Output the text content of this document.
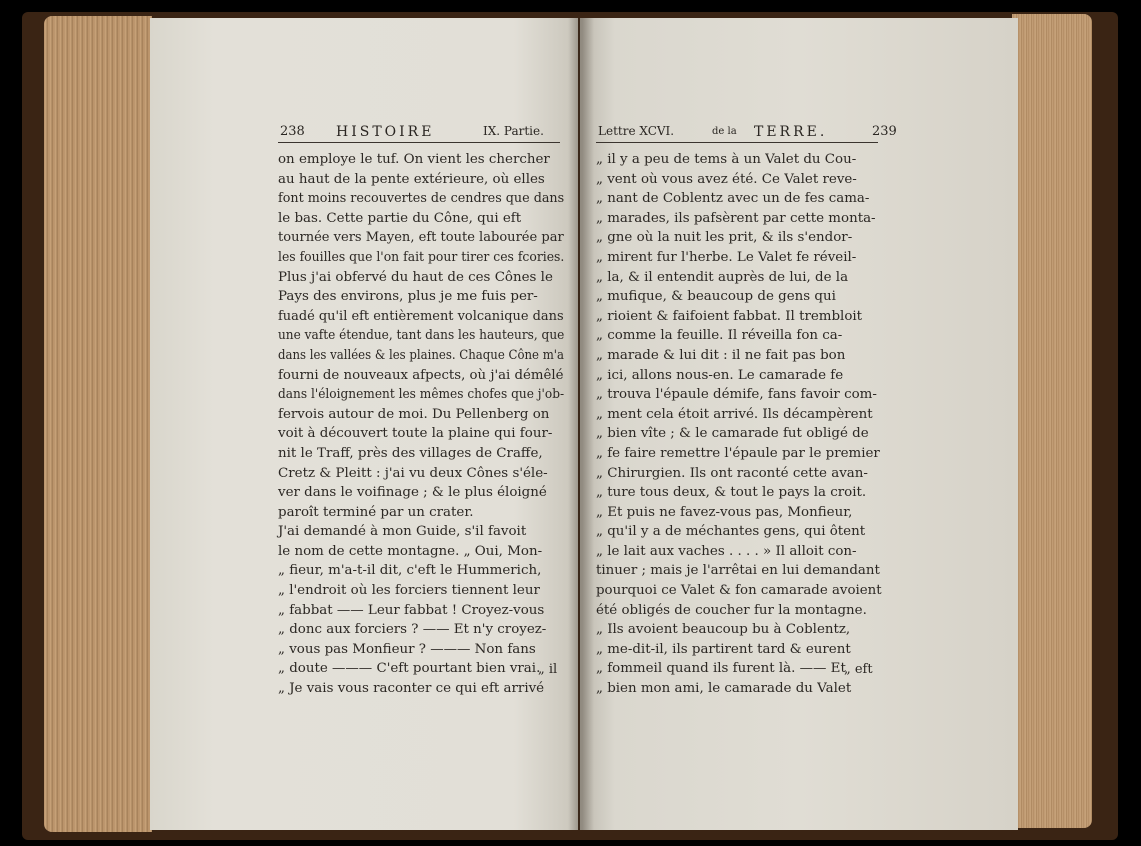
238 HISTOIRE	IX. Partie.
on employe le tuf. On vient les chercher
au haut de la pente extérieure, où elles
font moins recouvertes de cendres que dans
le bas. Cette partie du Cône, qui eft
tournée vers Mayen, eft toute labourée par
les fouilles que l'on fait pour tirer ces fcories.
Plus j'ai obfervé du haut de ces Cônes le
Pays des environs, plus je me fuis per-
fuadé qu'il eft entièrement volcanique dans
une vafte étendue, tant dans les hauteurs, que
dans les vallées & les plaines. Chaque Cône m'a
fourni de nouveaux afpects, où j'ai démêlé
dans l'éloignement les mêmes chofes que j'ob-
fervois autour de moi. Du Pellenberg on
voit à découvert toute la plaine qui four-
nit le Traff, près des villages de Craffe,
Cretz & Pleitt : j'ai vu deux Cônes s'éle-
ver dans le voifinage ; & le plus éloigné
paroît terminé par un crater.
J'ai demandé à mon Guide, s'il favoit
le nom de cette montagne. „ Oui, Mon-
„ fieur, m'a-t-il dit, c'eft le Hummerich,
„ l'endroit où les forciers tiennent leur
„ fabbat —— Leur fabbat ! Croyez-vous
„ donc aux forciers ? —— Et n'y croyez-
„ vous pas Monfieur ? ——— Non fans
„ doute ——— C'eft pourtant bien vrai.
„ Je vais vous raconter ce qui eft arrivé
„ il
Lettre XCVI.	de la TERRE.	239
„ il y a peu de tems à un Valet du Cou-
„ vent où vous avez été. Ce Valet reve-
„ nant de Coblentz avec un de fes cama-
„ marades, ils pafsèrent par cette monta-
„ gne où la nuit les prit, & ils s'endor-
„ mirent fur l'herbe. Le Valet fe réveil-
„ la, & il entendit auprès de lui, de la
„ mufique, & beaucoup de gens qui
„ rioient & faifoient fabbat. Il trembloit
„ comme la feuille. Il réveilla fon ca-
„ marade & lui dit : il ne fait pas bon
„ ici, allons nous-en. Le camarade fe
„ trouva l'épaule démife, fans favoir com-
„ ment cela étoit arrivé. Ils décampèrent
„ bien vîte ; & le camarade fut obligé de
„ fe faire remettre l'épaule par le premier
„ Chirurgien. Ils ont raconté cette avan-
„ ture tous deux, & tout le pays la croit.
„ Et puis ne favez-vous pas, Monfieur,
„ qu'il y a de méchantes gens, qui ôtent
„ le lait aux vaches . . . . » Il alloit con-
tinuer ; mais je l'arrêtai en lui demandant
pourquoi ce Valet & fon camarade avoient
été obligés de coucher fur la montagne.
„ Ils avoient beaucoup bu à Coblentz,
„ me-dit-il, ils partirent tard & eurent
„ fommeil quand ils furent là. —— Et
„ bien mon ami, le camarade du Valet
„ eft
